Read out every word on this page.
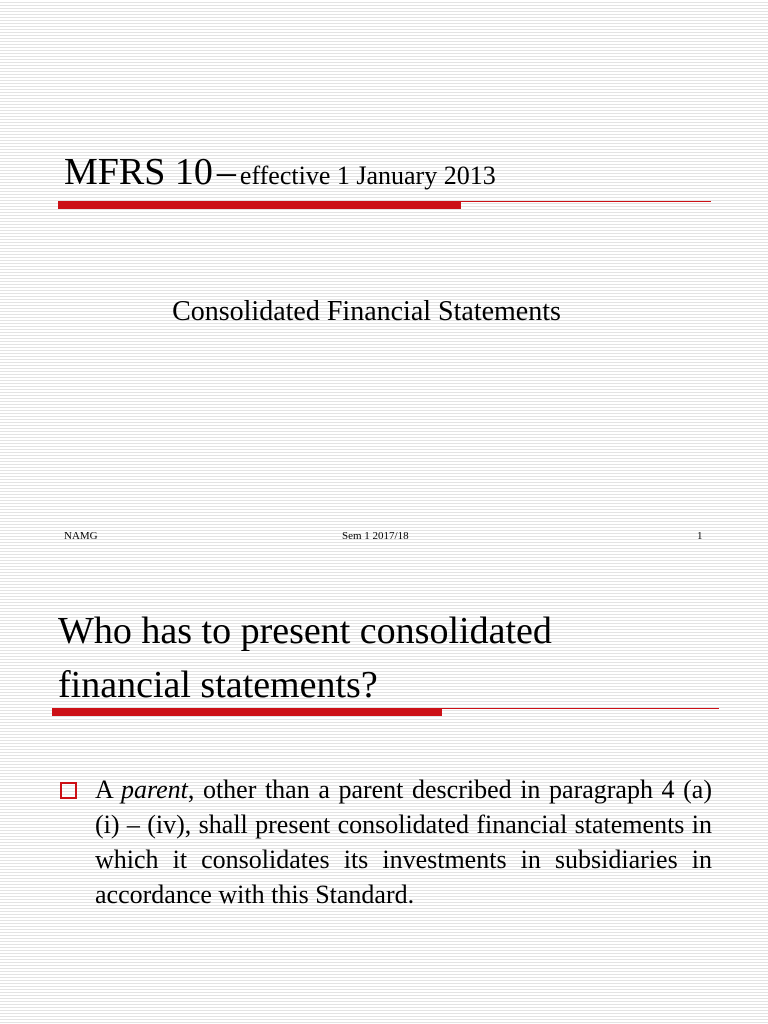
MFRS 10 – effective 1 January 2013
Consolidated Financial Statements
NAMG	Sem 1 2017/18	1
Who has to present consolidated
financial statements?
A parent, other than a parent described in paragraph 4 (a) (i) – (iv), shall present consolidated financial statements in which it consolidates its investments in subsidiaries in accordance with this Standard.
